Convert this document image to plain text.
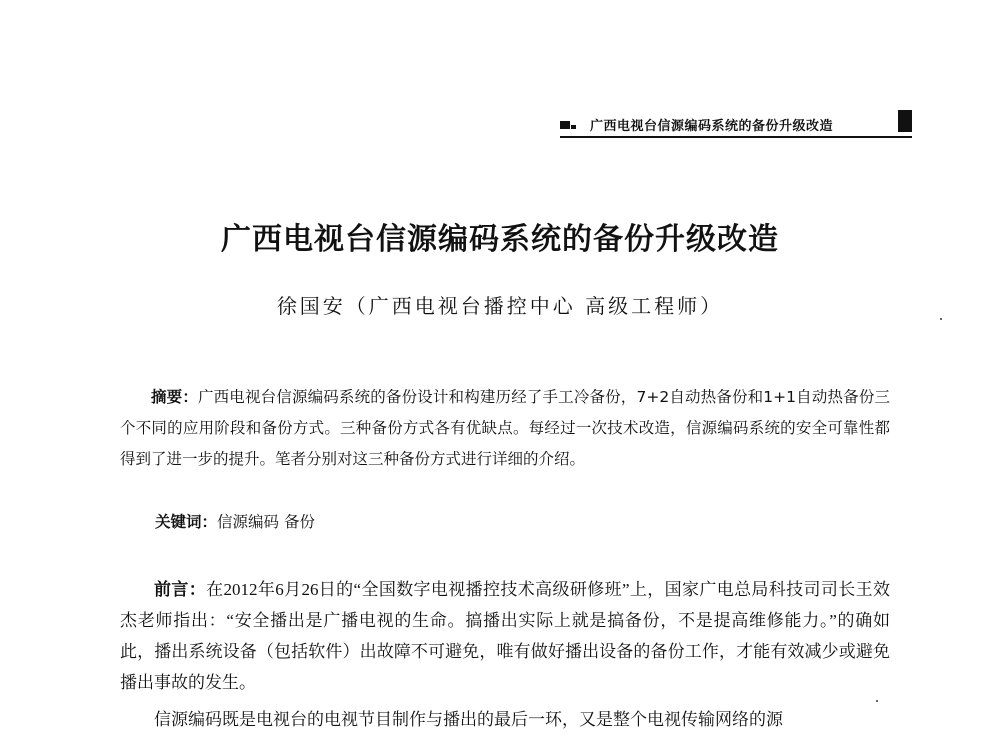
广西电视台信源编码系统的备份升级改造
广西电视台信源编码系统的备份升级改造
徐国安（广西电视台播控中心 高级工程师）
摘要：广西电视台信源编码系统的备份设计和构建历经了手工冷备份，7+2自动热备份和1+1自动热备份三个不同的应用阶段和备份方式。三种备份方式各有优缺点。每经过一次技术改造，信源编码系统的安全可靠性都得到了进一步的提升。笔者分别对这三种备份方式进行详细的介绍。
关键词：信源编码 备份
前言：在2012年6月26日的“全国数字电视播控技术高级研修班”上，国家广电总局科技司司长王效杰老师指出：“安全播出是广播电视的生命。搞播出实际上就是搞备份，不是提高维修能力。”的确如此，播出系统设备（包括软件）出故障不可避免，唯有做好播出设备的备份工作，才能有效减少或避免播出事故的发生。
信源编码既是电视台的电视节目制作与播出的最后一环，又是整个电视传输网络的源
